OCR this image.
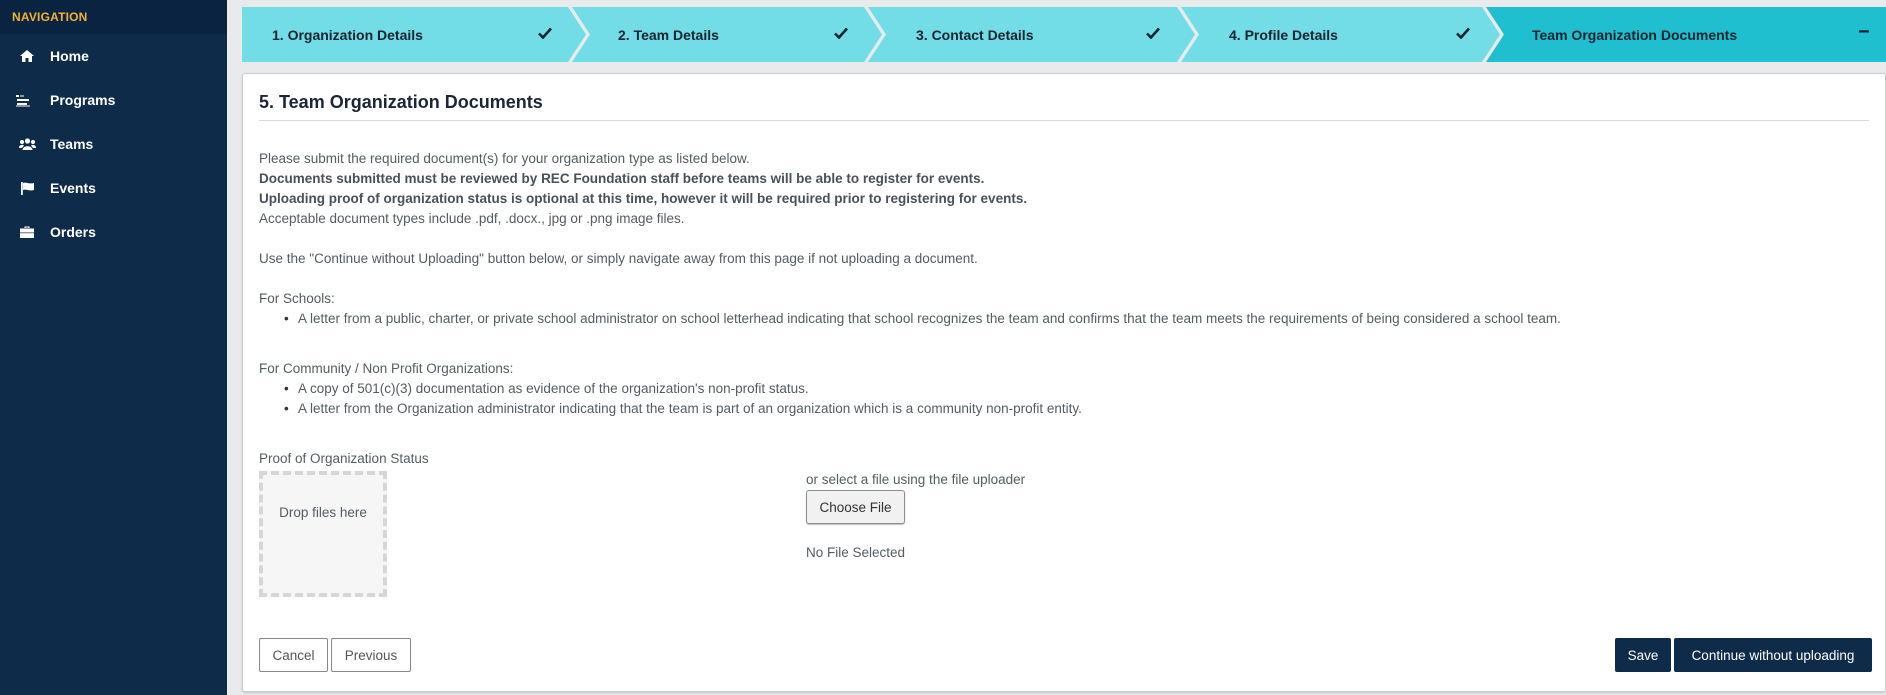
NAVIGATION
Home
Programs
Teams
Events
Orders
1. Organization Details	2. Team Details	3. Contact Details	4. Profile Details	Team Organization Documents	−
5. Team Organization Documents
Please submit the required document(s) for your organization type as listed below.
Documents submitted must be reviewed by REC Foundation staff before teams will be able to register for events.
Uploading proof of organization status is optional at this time, however it will be required prior to registering for events.
Acceptable document types include .pdf, .docx., jpg or .png image files.
Use the "Continue without Uploading" button below, or simply navigate away from this page if not uploading a document.
For Schools:
• A letter from a public, charter, or private school administrator on school letterhead indicating that school recognizes the team and confirms that the team meets the requirements of being considered a school team.
For Community / Non Profit Organizations:
• A copy of 501(c)(3) documentation as evidence of the organization's non-profit status.
• A letter from the Organization administrator indicating that the team is part of an organization which is a community non-profit entity.
Proof of Organization Status
Drop files here
or select a file using the file uploader
Choose File
No File Selected
Cancel	Previous	Save	Continue without uploading
